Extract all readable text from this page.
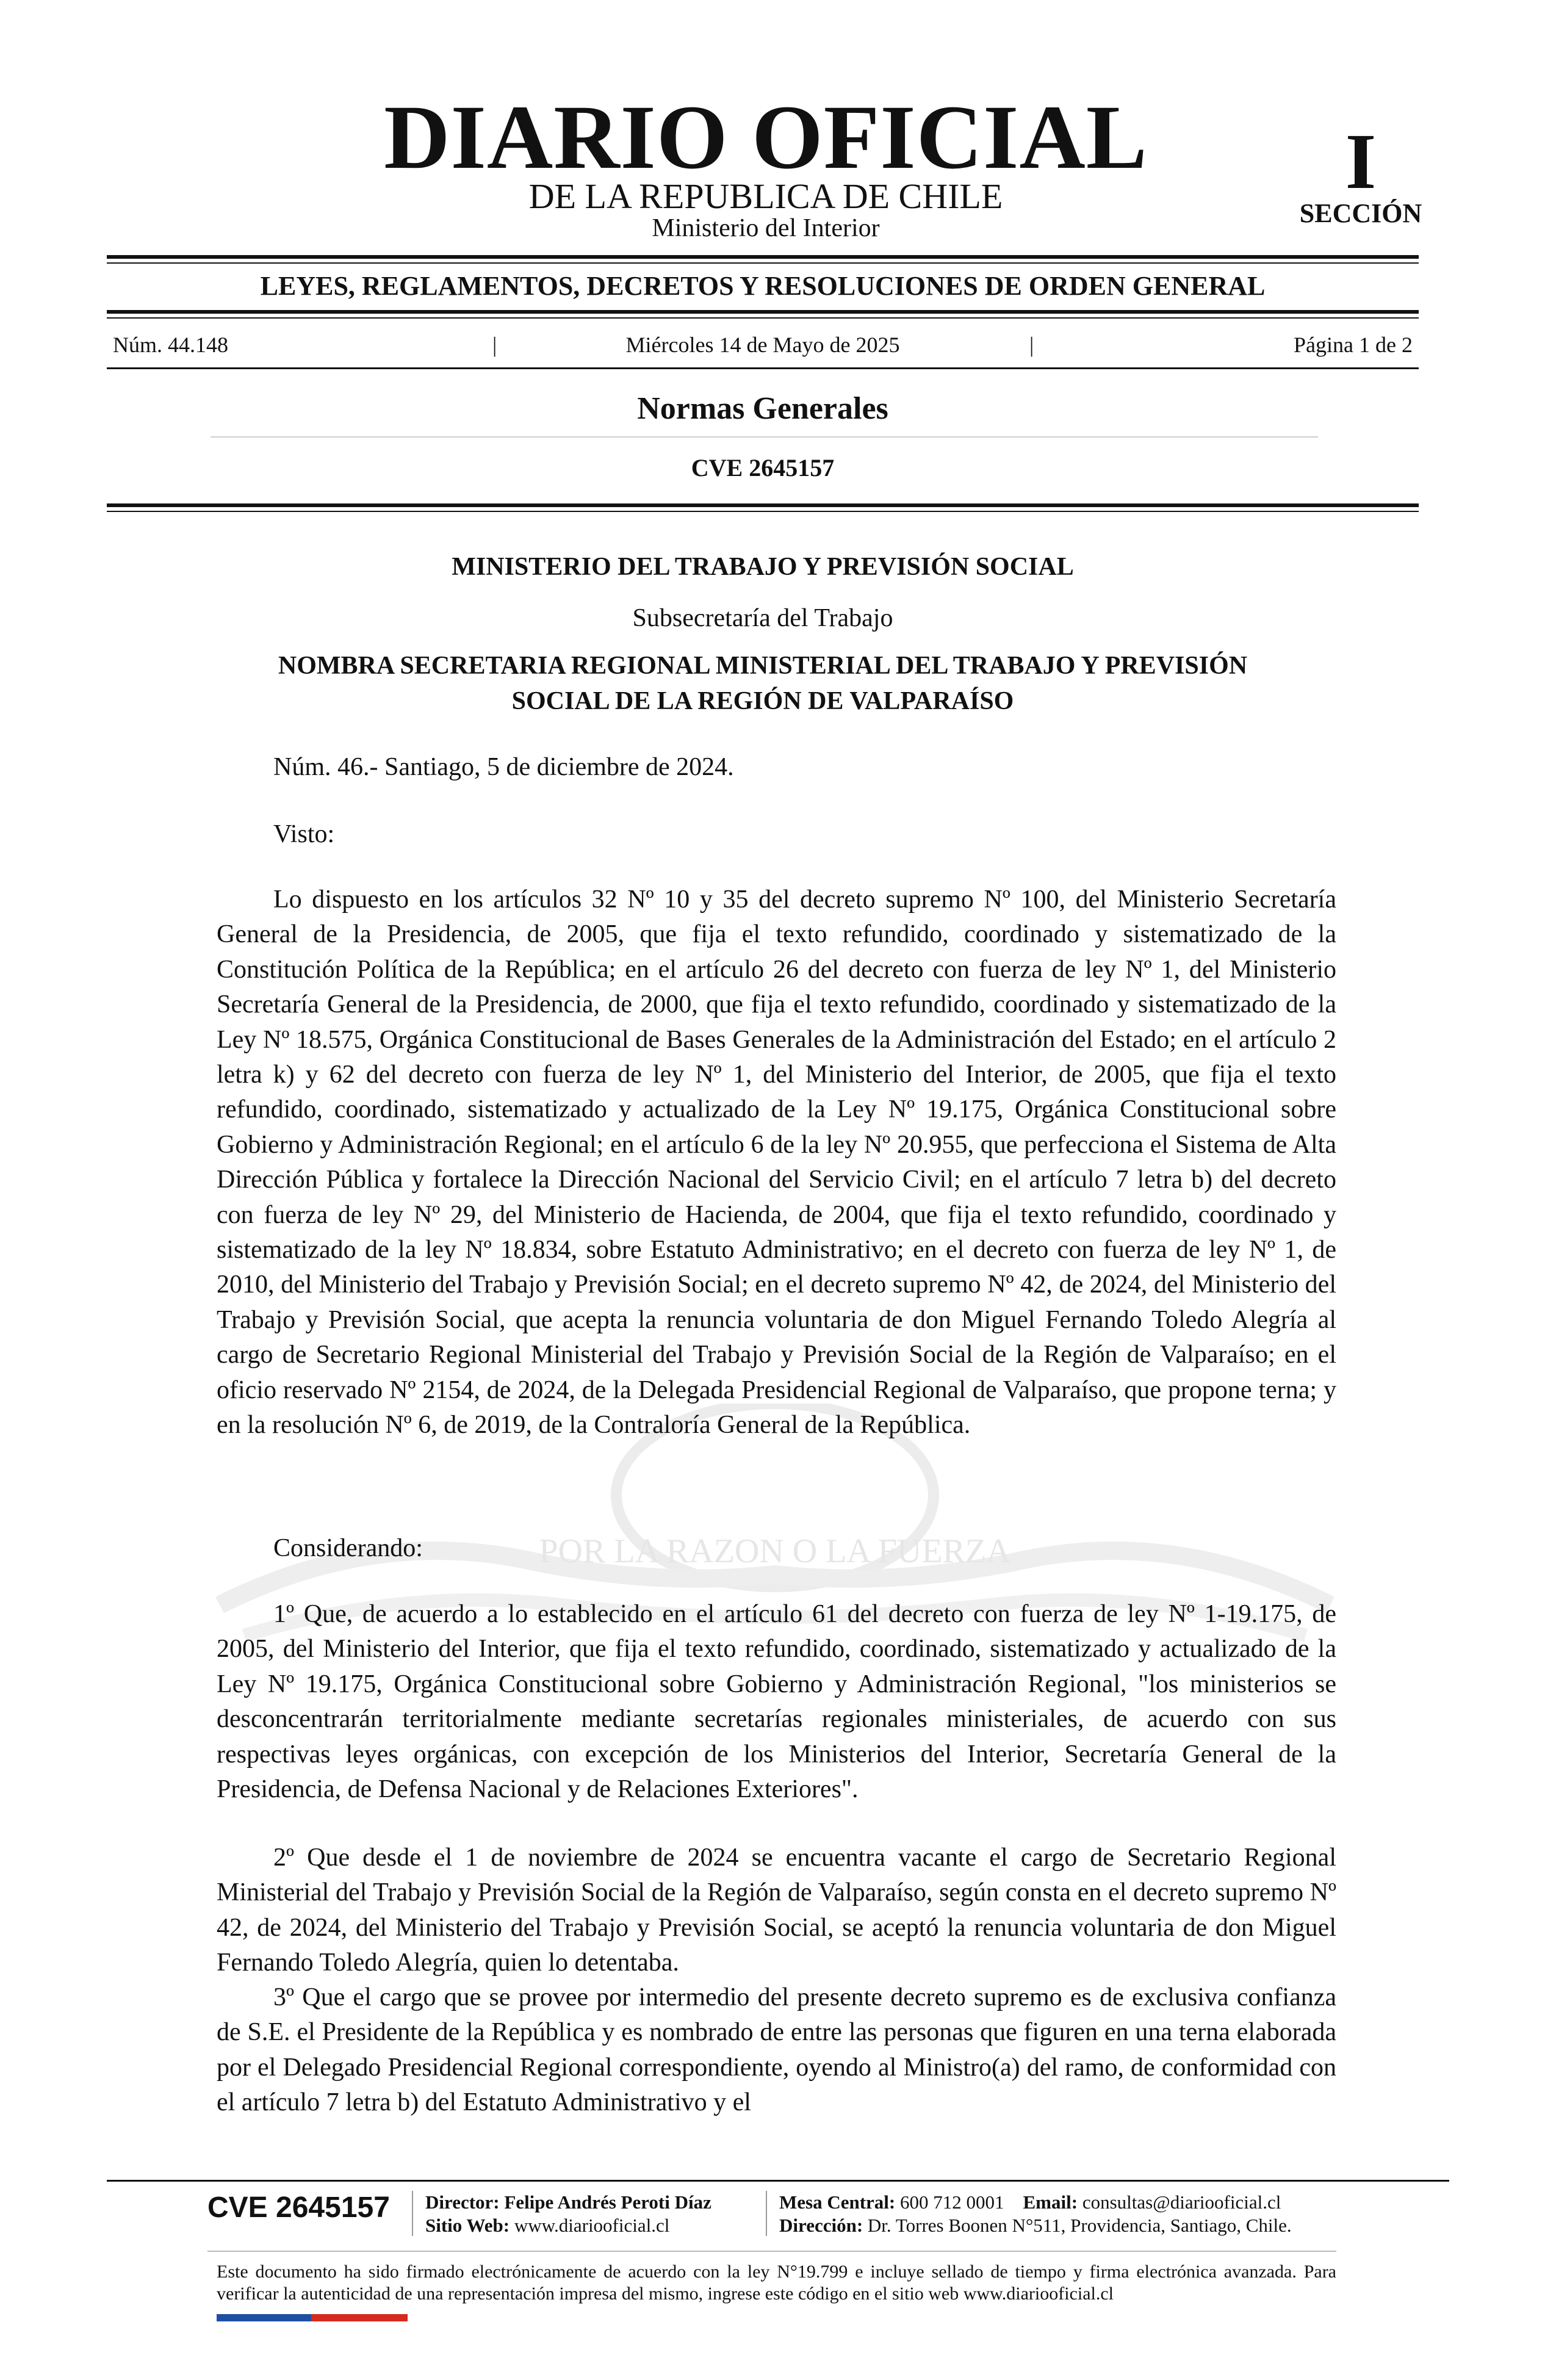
DIARIO OFICIAL
DE LA REPUBLICA DE CHILE
Ministerio del Interior
I
SECCIÓN
LEYES, REGLAMENTOS, DECRETOS Y RESOLUCIONES DE ORDEN GENERAL
Núm. 44.148	|	Miércoles 14 de Mayo de 2025	|	Página 1 de 2
Normas Generales
CVE 2645157
POR LA RAZON O LA FUERZA
MINISTERIO DEL TRABAJO Y PREVISIÓN SOCIAL
Subsecretaría del Trabajo
NOMBRA SECRETARIA REGIONAL MINISTERIAL DEL TRABAJO Y PREVISIÓN
SOCIAL DE LA REGIÓN DE VALPARAÍSO
Núm. 46.- Santiago, 5 de diciembre de 2024.
Visto:

Lo dispuesto en los artículos 32 Nº 10 y 35 del decreto supremo Nº 100, del Ministerio Secretaría General de la Presidencia, de 2005, que fija el texto refundido, coordinado y sistematizado de la Constitución Política de la República; en el artículo 26 del decreto con fuerza de ley Nº 1, del Ministerio Secretaría General de la Presidencia, de 2000, que fija el texto refundido, coordinado y sistematizado de la Ley Nº 18.575, Orgánica Constitucional de Bases Generales de la Administración del Estado; en el artículo 2 letra k) y 62 del decreto con fuerza de ley Nº 1, del Ministerio del Interior, de 2005, que fija el texto refundido, coordinado, sistematizado y actualizado de la Ley Nº 19.175, Orgánica Constitucional sobre Gobierno y Administración Regional; en el artículo 6 de la ley Nº 20.955, que perfecciona el Sistema de Alta Dirección Pública y fortalece la Dirección Nacional del Servicio Civil; en el artículo 7 letra b) del decreto con fuerza de ley Nº 29, del Ministerio de Hacienda, de 2004, que fija el texto refundido, coordinado y sistematizado de la ley Nº 18.834, sobre Estatuto Administrativo; en el decreto con fuerza de ley Nº 1, de 2010, del Ministerio del Trabajo y Previsión Social; en el decreto supremo Nº 42, de 2024, del Ministerio del Trabajo y Previsión Social, que acepta la renuncia voluntaria de don Miguel Fernando Toledo Alegría al cargo de Secretario Regional Ministerial del Trabajo y Previsión Social de la Región de Valparaíso; en el oficio reservado Nº 2154, de 2024, de la Delegada Presidencial Regional de Valparaíso, que propone terna; y en la resolución Nº 6, de 2019, de la Contraloría General de la República.

Considerando:

1º Que, de acuerdo a lo establecido en el artículo 61 del decreto con fuerza de ley Nº 1-19.175, de 2005, del Ministerio del Interior, que fija el texto refundido, coordinado, sistematizado y actualizado de la Ley Nº 19.175, Orgánica Constitucional sobre Gobierno y Administración Regional, "los ministerios se desconcentrarán territorialmente mediante secretarías regionales ministeriales, de acuerdo con sus respectivas leyes orgánicas, con excepción de los Ministerios del Interior, Secretaría General de la Presidencia, de Defensa Nacional y de Relaciones Exteriores".

2º Que desde el 1 de noviembre de 2024 se encuentra vacante el cargo de Secretario Regional Ministerial del Trabajo y Previsión Social de la Región de Valparaíso, según consta en el decreto supremo Nº 42, de 2024, del Ministerio del Trabajo y Previsión Social, se aceptó la renuncia voluntaria de don Miguel Fernando Toledo Alegría, quien lo detentaba.

3º Que el cargo que se provee por intermedio del presente decreto supremo es de exclusiva confianza de S.E. el Presidente de la República y es nombrado de entre las personas que figuren en una terna elaborada por el Delegado Presidencial Regional correspondiente, oyendo al Ministro(a) del ramo, de conformidad con el artículo 7 letra b) del Estatuto Administrativo y el

CVE 2645157 Director: Felipe Andrés Peroti Díaz
Sitio Web: www.diariooficial.cl
Mesa Central: 600 712 0001 Email: consultas@diariooficial.cl
Dirección: Dr. Torres Boonen N°511, Providencia, Santiago, Chile.
Este documento ha sido firmado electrónicamente de acuerdo con la ley N°19.799 e incluye sellado de tiempo y firma electrónica avanzada. Para verificar la autenticidad de una representación impresa del mismo, ingrese este código en el sitio web www.diariooficial.cl
